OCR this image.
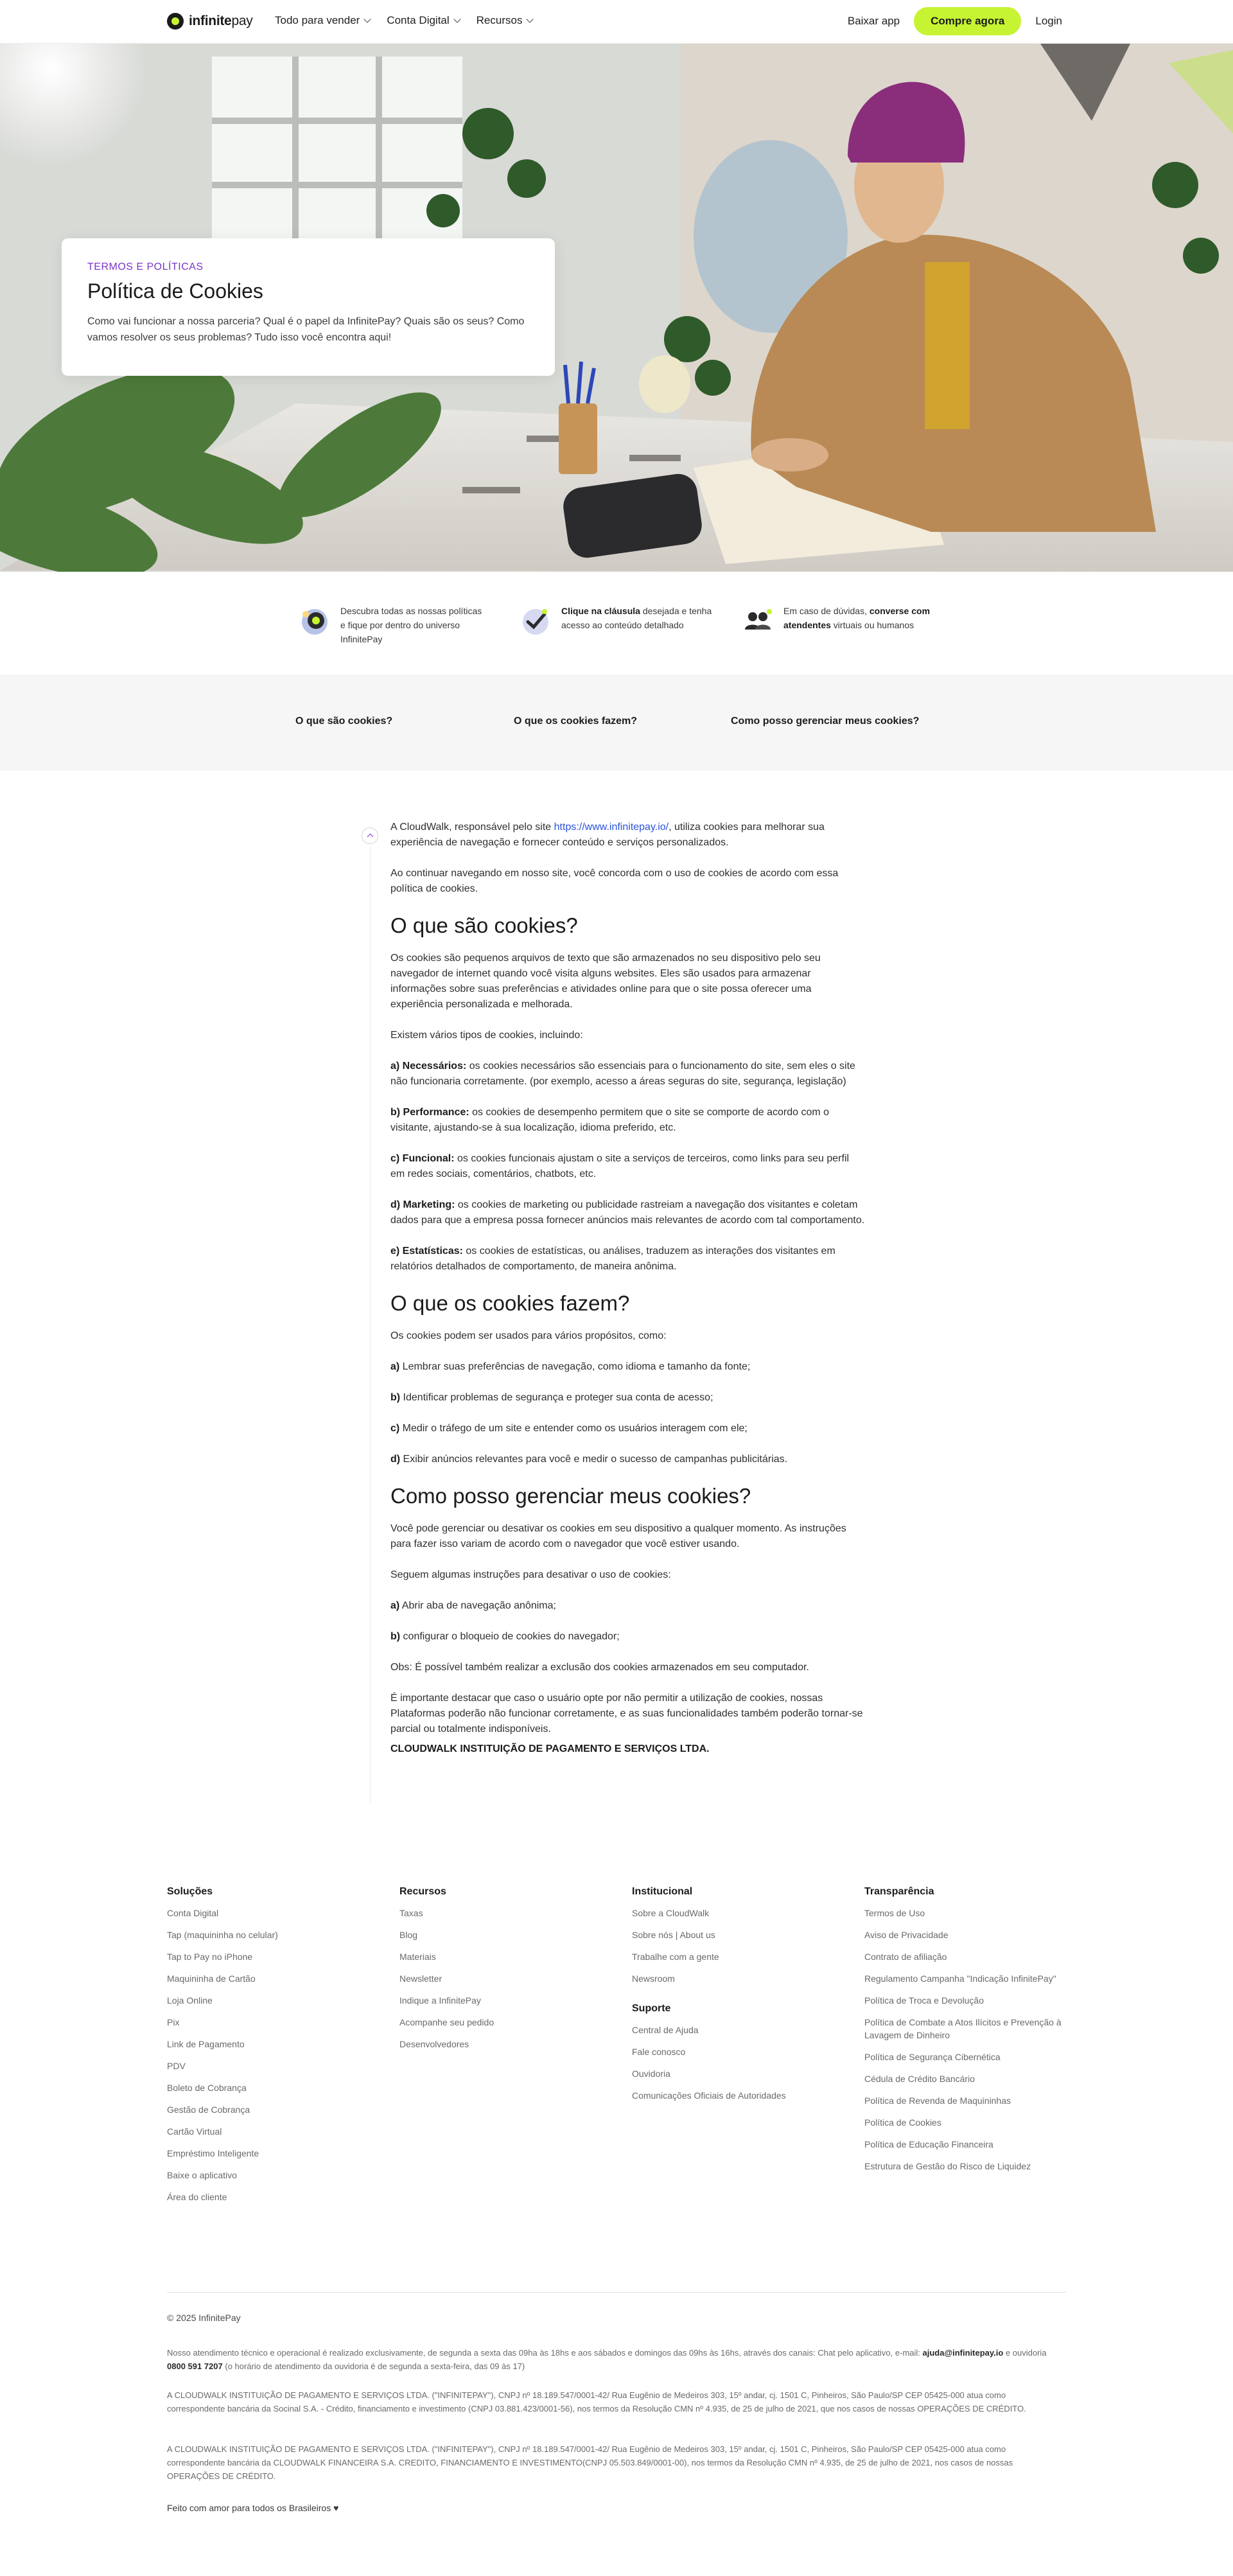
infinitepay Todo para vender Conta Digital Recursos	Baixar app	Compre agora	Login
TERMOS E POLÍTICAS
Política de Cookies

Como vai funcionar a nossa parceria? Qual é o papel da InfinitePay? Quais são os seus? Como vamos resolver os seus problemas? Tudo isso você encontra aqui!

Descubra todas as nossas políticas e fique por dentro do universo InfinitePay
Clique na cláusula desejada e tenha acesso ao conteúdo detalhado
Em caso de dúvidas, converse com atendentes virtuais ou humanos
O que são cookies?	O que os cookies fazem?	Como posso gerenciar meus cookies?

A CloudWalk, responsável pelo site https://www.infinitepay.io/, utiliza cookies para melhorar sua experiência de navegação e fornecer conteúdo e serviços personalizados.

Ao continuar navegando em nosso site, você concorda com o uso de cookies de acordo com essa política de cookies.

O que são cookies?

Os cookies são pequenos arquivos de texto que são armazenados no seu dispositivo pelo seu navegador de internet quando você visita alguns websites. Eles são usados para armazenar informações sobre suas preferências e atividades online para que o site possa oferecer uma experiência personalizada e melhorada.

Existem vários tipos de cookies, incluindo:

a) Necessários: os cookies necessários são essenciais para o funcionamento do site, sem eles o site não funcionaria corretamente. (por exemplo, acesso a áreas seguras do site, segurança, legislação)

b) Performance: os cookies de desempenho permitem que o site se comporte de acordo com o visitante, ajustando-se à sua localização, idioma preferido, etc.

c) Funcional: os cookies funcionais ajustam o site a serviços de terceiros, como links para seu perfil em redes sociais, comentários, chatbots, etc.

d) Marketing: os cookies de marketing ou publicidade rastreiam a navegação dos visitantes e coletam dados para que a empresa possa fornecer anúncios mais relevantes de acordo com tal comportamento.

e) Estatísticas: os cookies de estatísticas, ou análises, traduzem as interações dos visitantes em relatórios detalhados de comportamento, de maneira anônima.

O que os cookies fazem?

Os cookies podem ser usados para vários propósitos, como:

a) Lembrar suas preferências de navegação, como idioma e tamanho da fonte;

b) Identificar problemas de segurança e proteger sua conta de acesso;

c) Medir o tráfego de um site e entender como os usuários interagem com ele;

d) Exibir anúncios relevantes para você e medir o sucesso de campanhas publicitárias.

Como posso gerenciar meus cookies?

Você pode gerenciar ou desativar os cookies em seu dispositivo a qualquer momento. As instruções para fazer isso variam de acordo com o navegador que você estiver usando.

Seguem algumas instruções para desativar o uso de cookies:

a) Abrir aba de navegação anônima;

b) configurar o bloqueio de cookies do navegador;

Obs: É possível também realizar a exclusão dos cookies armazenados em seu computador.

É importante destacar que caso o usuário opte por não permitir a utilização de cookies, nossas Plataformas poderão não funcionar corretamente, e as suas funcionalidades também poderão tornar-se parcial ou totalmente indisponíveis.

CLOUDWALK INSTITUIÇÃO DE PAGAMENTO E SERVIÇOS LTDA.
Soluções
Conta Digital
Tap (maquininha no celular)
Tap to Pay no iPhone
Maquininha de Cartão
Loja Online
Pix
Link de Pagamento
PDV
Boleto de Cobrança
Gestão de Cobrança
Cartão Virtual
Empréstimo Inteligente
Baixe o aplicativo
Área do cliente
Recursos
Taxas
Blog
Materiais
Newsletter
Indique a InfinitePay
Acompanhe seu pedido
Desenvolvedores
Institucional
Sobre a CloudWalk
Sobre nós | About us
Trabalhe com a gente
Newsroom
Suporte
Central de Ajuda
Fale conosco
Ouvidoria
Comunicações Oficiais de Autoridades
Transparência
Termos de Uso
Aviso de Privacidade
Contrato de afiliação
Regulamento Campanha "Indicação InfinitePay"
Política de Troca e Devolução
Política de Combate a Atos Ilícitos e Prevenção à Lavagem de Dinheiro
Política de Segurança Cibernética
Cédula de Crédito Bancário
Política de Revenda de Maquininhas
Política de Cookies
Política de Educação Financeira
Estrutura de Gestão do Risco de Liquidez
© 2025 InfinitePay

Nosso atendimento técnico e operacional é realizado exclusivamente, de segunda a sexta das 09ha às 18hs e aos sábados e domingos das 09hs às 16hs, através dos canais: Chat pelo aplicativo, e-mail: ajuda@infinitepay.io e ouvidoria 0800 591 7207 (o horário de atendimento da ouvidoria é de segunda a sexta-feira, das 09 às 17)

A CLOUDWALK INSTITUIÇÃO DE PAGAMENTO E SERVIÇOS LTDA. ("INFINITEPAY"), CNPJ nº 18.189.547/0001-42/ Rua Eugênio de Medeiros 303, 15º andar, cj. 1501 C, Pinheiros, São Paulo/SP CEP 05425-000 atua como correspondente bancária da Socinal S.A. - Crédito, financiamento e investimento (CNPJ 03.881.423/0001-56), nos termos da Resolução CMN nº 4.935, de 25 de julho de 2021, que nos casos de nossas OPERAÇÕES DE CRÉDITO.

A CLOUDWALK INSTITUIÇÃO DE PAGAMENTO E SERVIÇOS LTDA. ("INFINITEPAY"), CNPJ nº 18.189.547/0001-42/ Rua Eugênio de Medeiros 303, 15º andar, cj. 1501 C, Pinheiros, São Paulo/SP CEP 05425-000 atua como correspondente bancária da CLOUDWALK FINANCEIRA S.A. CREDITO, FINANCIAMENTO E INVESTIMENTO(CNPJ 05.503.849/0001-00), nos termos da Resolução CMN nº 4.935, de 25 de julho de 2021, nos casos de nossas OPERAÇÕES DE CRÉDITO.

Feito com amor para todos os Brasileiros ♥
